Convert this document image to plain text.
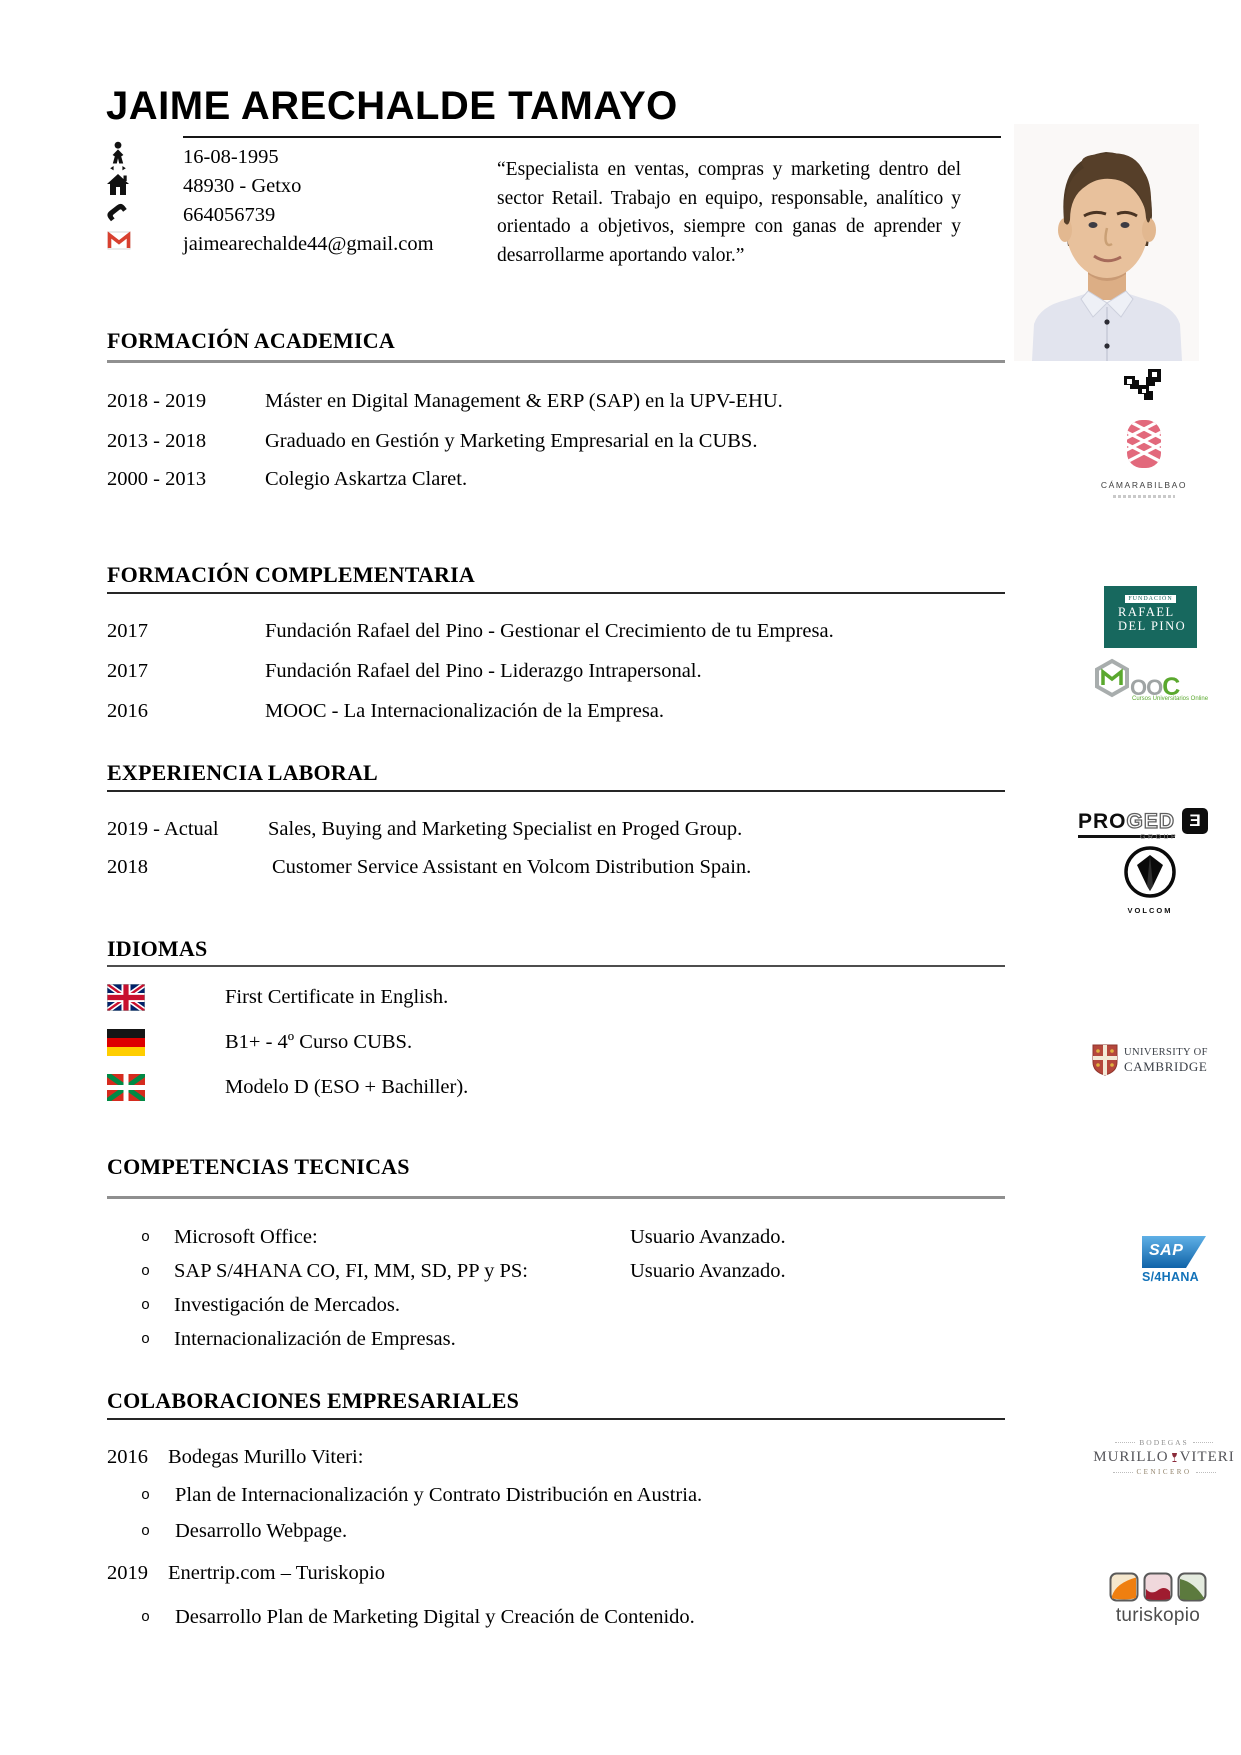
JAIME ARECHALDE TAMAYO
16-08-1995
48930 - Getxo
664056739
jaimearechalde44@gmail.com
“Especialista en ventas, compras y marketing dentro del sector Retail. Trabajo en equipo, responsable, analítico y orientado a objetivos, siempre con ganas de aprender y desarrollarme aportando valor.”
FORMACIÓN ACADEMICA
2018 - 2019	Máster en Digital Management & ERP (SAP) en la UPV-EHU.
2013 - 2018	Graduado en Gestión y Marketing Empresarial en la CUBS.
2000 - 2013	Colegio Askartza Claret.	CÁMARABILBAO
FORMACIÓN COMPLEMENTARIA
2017	Fundación Rafael del Pino - Gestionar el Crecimiento de tu Empresa.
2017	Fundación Rafael del Pino - Liderazgo Intrapersonal.
2016	MOOC - La Internacionalización de la Empresa.
FUNDACIÓN
RAFAEL
DEL PINO
OO C
Cursos Universitarios Online
EXPERIENCIA LABORAL
2019 - Actual Sales, Buying and Marketing Specialist en Proged Group.
2018	Customer Service Assistant en Volcom Distribution Spain.
PROGED
GROUP
Ǝ
VOLCOM
IDIOMAS
First Certificate in English.
B1+ - 4º Curso CUBS.
Modelo D (ESO + Bachiller).
UNIVERSITY OF
CAMBRIDGE
COMPETENCIAS TECNICAS
o Microsoft Office:	Usuario Avanzado.
o SAP S/4HANA CO, FI, MM, SD, PP y PS:	Usuario Avanzado.
o Investigación de Mercados.
o Internacionalización de Empresas.
SAP
S/4HANA
COLABORACIONES EMPRESARIALES
2016 Bodegas Murillo Viteri:
o Plan de Internacionalización y Contrato Distribución en Austria.
o Desarrollo Webpage.
2019 Enertrip.com – Turiskopio
o Desarrollo Plan de Marketing Digital y Creación de Contenido.
BODEGAS
MURILLO VITERI
CENICERO
turiskopio
